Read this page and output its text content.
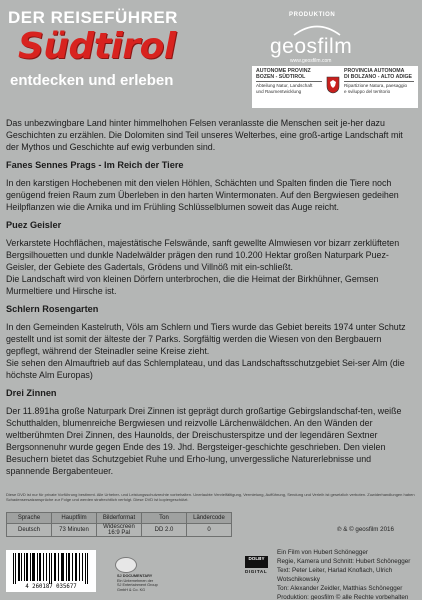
DER REISEFÜHRER
Südtirol
entdecken und erleben
PRODUKTION
geosfilm
www.geosfilm.com
AUTONOME PROVINZ
BOZEN - SÜDTIROL
Abteilung Natur, Landschaft
und Raumentwicklung
PROVINCIA AUTONOMA
DI BOLZANO - ALTO ADIGE
Ripartizione Natura, paesaggio
e sviluppo del territorio

Das unbezwingbare Land hinter himmelhohen Felsen veranlasste die Menschen seit je-her dazu Geschichten zu erzählen. Die Dolomiten sind Teil unseres Welterbes, eine groß-artige Landschaft mit der Mythos und Geschichte auf ewig verbunden sind.

Fanes Sennes Prags - Im Reich der Tiere

In den karstigen Hochebenen mit den vielen Höhlen, Schächten und Spalten finden die Tiere noch genügend freien Raum zum Überleben in den harten Wintermonaten. Auf den Bergwiesen gedeihen Heilpflanzen wie die Arnika und im Frühling Schlüsselblumen soweit das Auge reicht.

Puez Geisler

Verkarstete Hochflächen, majestätische Felswände, sanft gewellte Almwiesen vor bizarr zerklüfteten Bergsilhouetten und dunkle Nadelwälder prägen den rund 10.200 Hektar großen Naturpark Puez-Geisler, der Gebiete des Gadertals, Grödens und Villnöß mit ein-schließt.

Die Landschaft wird von kleinen Dörfern unterbrochen, die die Heimat der Birkhühner, Gemsen Murmeltiere und Hirsche ist.

Schlern Rosengarten

In den Gemeinden Kastelruth, Völs am Schlern und Tiers wurde das Gebiet bereits 1974 unter Schutz gestellt und ist somit der älteste der 7 Parks. Sorgfältig werden die Wiesen von den Bergbauern gepflegt, während der Steinadler seine Kreise zieht.

Sie sehen den Almauftrieb auf das Schlernplateau, und das Landschaftsschutzgebiet Sei-ser Alm (die höchste Alm Europas)

Drei Zinnen

Der 11.891ha große Naturpark Drei Zinnen ist geprägt durch großartige Gebirgslandschaf-ten, weiße Schutthalden, blumenreiche Bergwiesen und reizvolle Lärchenwäldchen. An den Wänden der weltberühmten Drei Zinnen, des Haunolds, der Dreischusterspitze und der legendären Sextner Bergsonnenuhr wurde gegen Ende des 19. Jhd. Bergsteiger-geschichte geschrieben. Den vielen Besuchern bietet das Schutzgebiet Ruhe und Erho-lung, unvergessliche Naturerlebnisse und spannende Bergabenteuer.

Diese DVD ist nur für private Vorführung bestimmt. Alle Urheber- und Leistungsschutzrechte vorbehalten. Unerlaubte Vervielfältigung, Vermietung, Aufführung, Sendung und Verleih ist gesetzlich verboten. Zuwiderhandlungen haben Schadensersatzansprüche zur Folge und werden strafrechtlich verfolgt. Diese DVD ist kopiergeschützt.
Sprache	Hauptfilm	Bilderformat	Ton	Ländercode
Deutsch	73 Minuten	Widescreen 16:9 Pal	DD 2.0	0	℗ & © geosfilm 2016
4 260187 035677
SJ DOCUMENTARY
Ein Unternehmen der
SJ Entertainment Group
GmbH & Co. KG
DOLBY
DIGITAL
Ein Film von Hubert Schönegger
Regie, Kamera und Schnitt: Hubert Schönegger
Text: Peter Leiter, Harlad Knoflach, Ulrich Wotschikowsky
Ton: Alexander Zeidler, Matthias Schönegger
Produktion: geosfilm © alle Rechte vorbehalten
